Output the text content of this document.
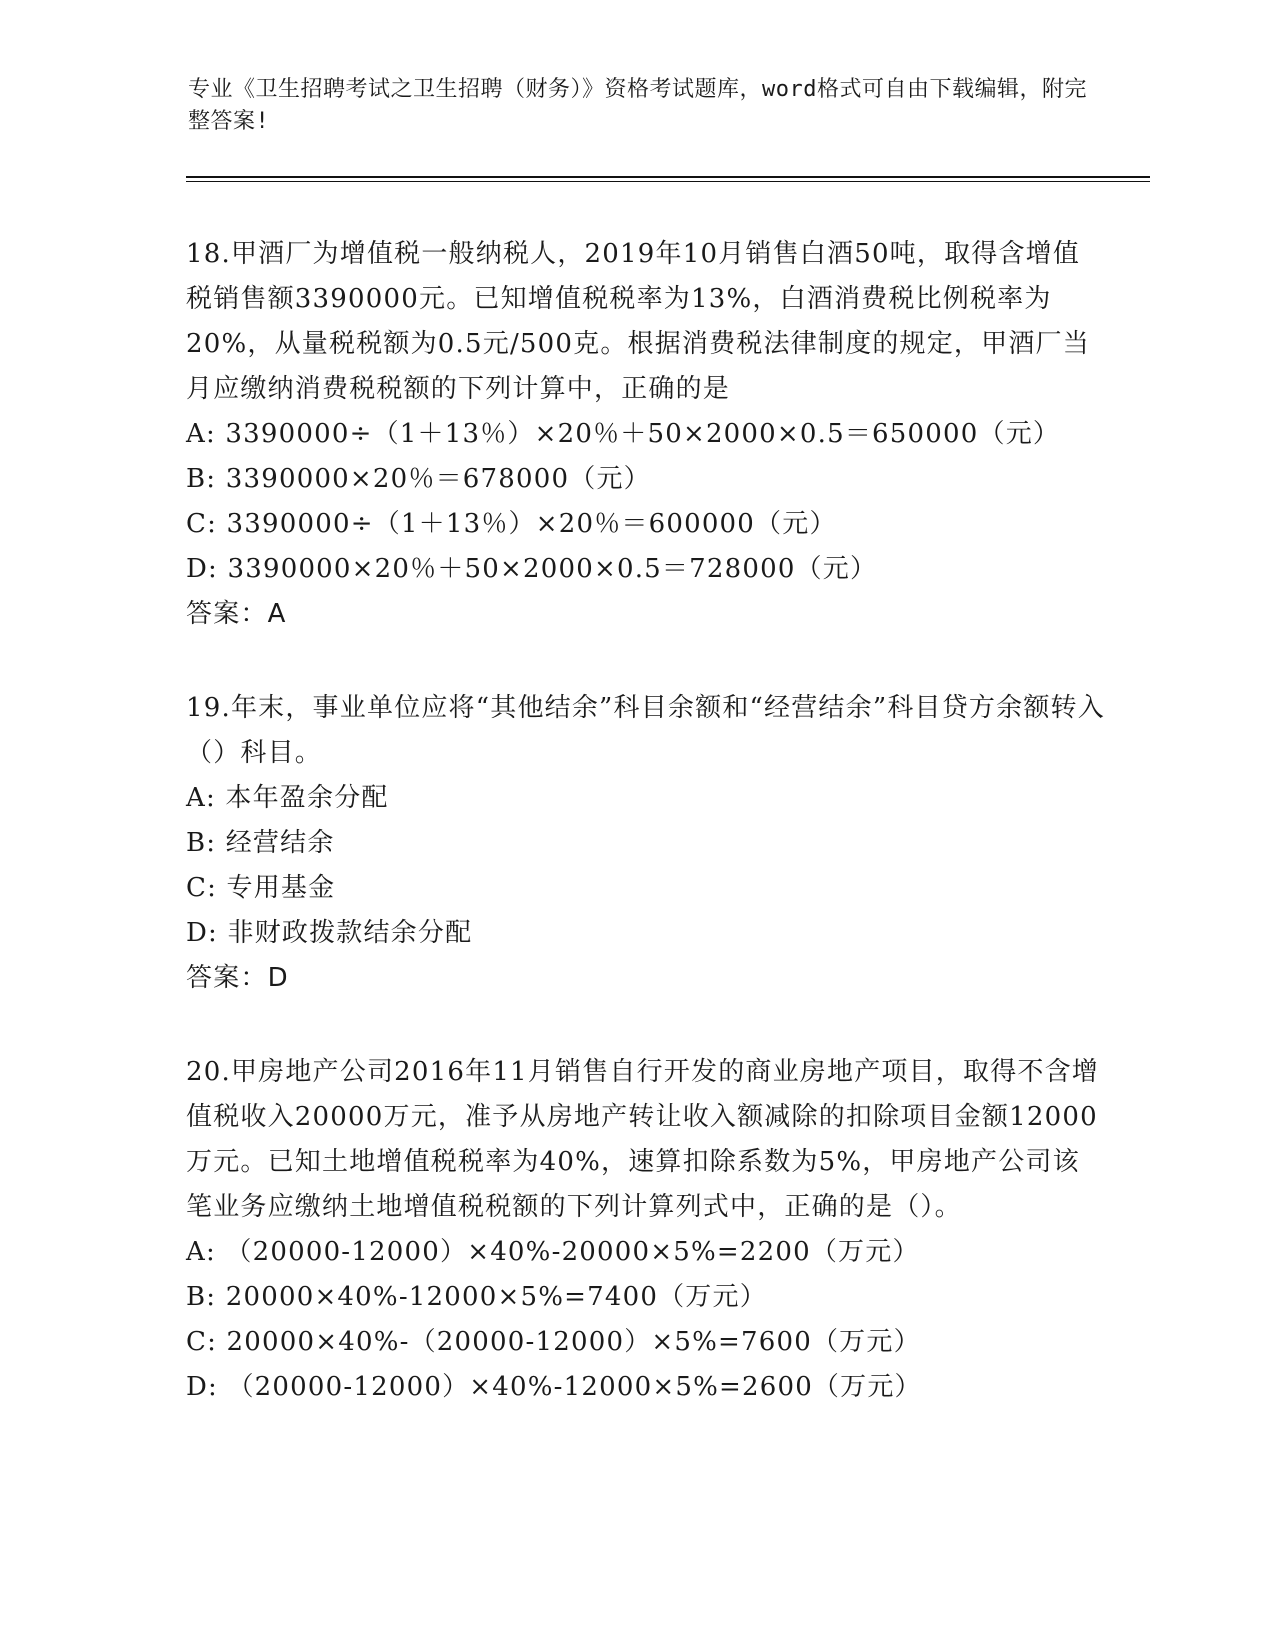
专业《卫生招聘考试之卫生招聘（财务）》资格考试题库，word格式可自由下载编辑，附完整答案!
18.甲酒厂为增值税一般纳税人，2019年10月销售白酒50吨，取得含增值税销售额3390000元。已知增值税税率为13%，白酒消费税比例税率为20%，从量税税额为0.5元/500克。根据消费税法律制度的规定，甲酒厂当月应缴纳消费税税额的下列计算中，正确的是
A: 3390000÷（1＋13％）×20％＋50×2000×0.5＝650000（元）
B: 3390000×20％＝678000（元）
C: 3390000÷（1＋13％）×20％＝600000（元）
D: 3390000×20％＋50×2000×0.5＝728000（元）
答案：A
19.年末，事业单位应将“其他结余”科目余额和“经营结余”科目贷方余额转入（）科目。
A: 本年盈余分配
B: 经营结余
C: 专用基金
D: 非财政拨款结余分配
答案：D
20.甲房地产公司2016年11月销售自行开发的商业房地产项目，取得不含增值税收入20000万元，准予从房地产转让收入额减除的扣除项目金额12000万元。已知土地增值税税率为40%，速算扣除系数为5%，甲房地产公司该笔业务应缴纳土地增值税税额的下列计算列式中，正确的是（）。
A: （20000-12000）×40%-20000×5%=2200（万元）
B: 20000×40%-12000×5%=7400（万元）
C: 20000×40%-（20000-12000）×5%=7600（万元）
D: （20000-12000）×40%-12000×5%=2600（万元）
